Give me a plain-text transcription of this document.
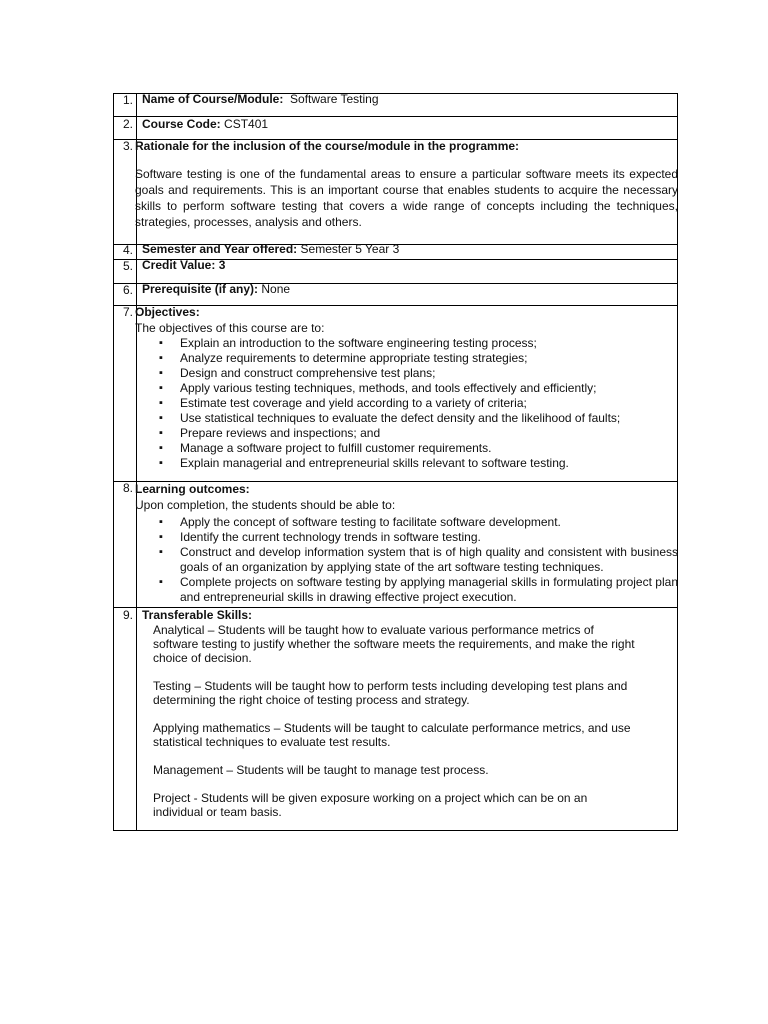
1. Name of Course/Module: Software Testing
2. Course Code: CST401
3. Rationale for the inclusion of the course/module in the programme:
Software testing is one of the fundamental areas to ensure a particular software meets its expected goals and requirements. This is an important course that enables students to acquire the necessary skills to perform software testing that covers a wide range of concepts including the techniques, strategies, processes, analysis and others.
4. Semester and Year offered: Semester 5 Year 3
5. Credit Value: 3
6. Prerequisite (if any): None
7. Objectives:
The objectives of this course are to:
▪ Explain an introduction to the software engineering testing process;
▪ Analyze requirements to determine appropriate testing strategies;
▪ Design and construct comprehensive test plans;
▪ Apply various testing techniques, methods, and tools effectively and efficiently;
▪ Estimate test coverage and yield according to a variety of criteria;
▪ Use statistical techniques to evaluate the defect density and the likelihood of faults;
▪ Prepare reviews and inspections; and
▪ Manage a software project to fulfill customer requirements.
▪ Explain managerial and entrepreneurial skills relevant to software testing.
8. Learning outcomes:
Upon completion, the students should be able to:
▪ Apply the concept of software testing to facilitate software development.
▪ Identify the current technology trends in software testing.
▪ Construct and develop information system that is of high quality and consistent with business goals of an organization by applying state of the art software testing techniques.
▪ Complete projects on software testing by applying managerial skills in formulating project plan and entrepreneurial skills in drawing effective project execution.
9. Transferable Skills:
Analytical – Students will be taught how to evaluate various performance metrics of
software testing to justify whether the software meets the requirements, and make the right
choice of decision.
Testing – Students will be taught how to perform tests including developing test plans and
determining the right choice of testing process and strategy.
Applying mathematics – Students will be taught to calculate performance metrics, and use
statistical techniques to evaluate test results.
Management – Students will be taught to manage test process.
Project - Students will be given exposure working on a project which can be on an
individual or team basis.
